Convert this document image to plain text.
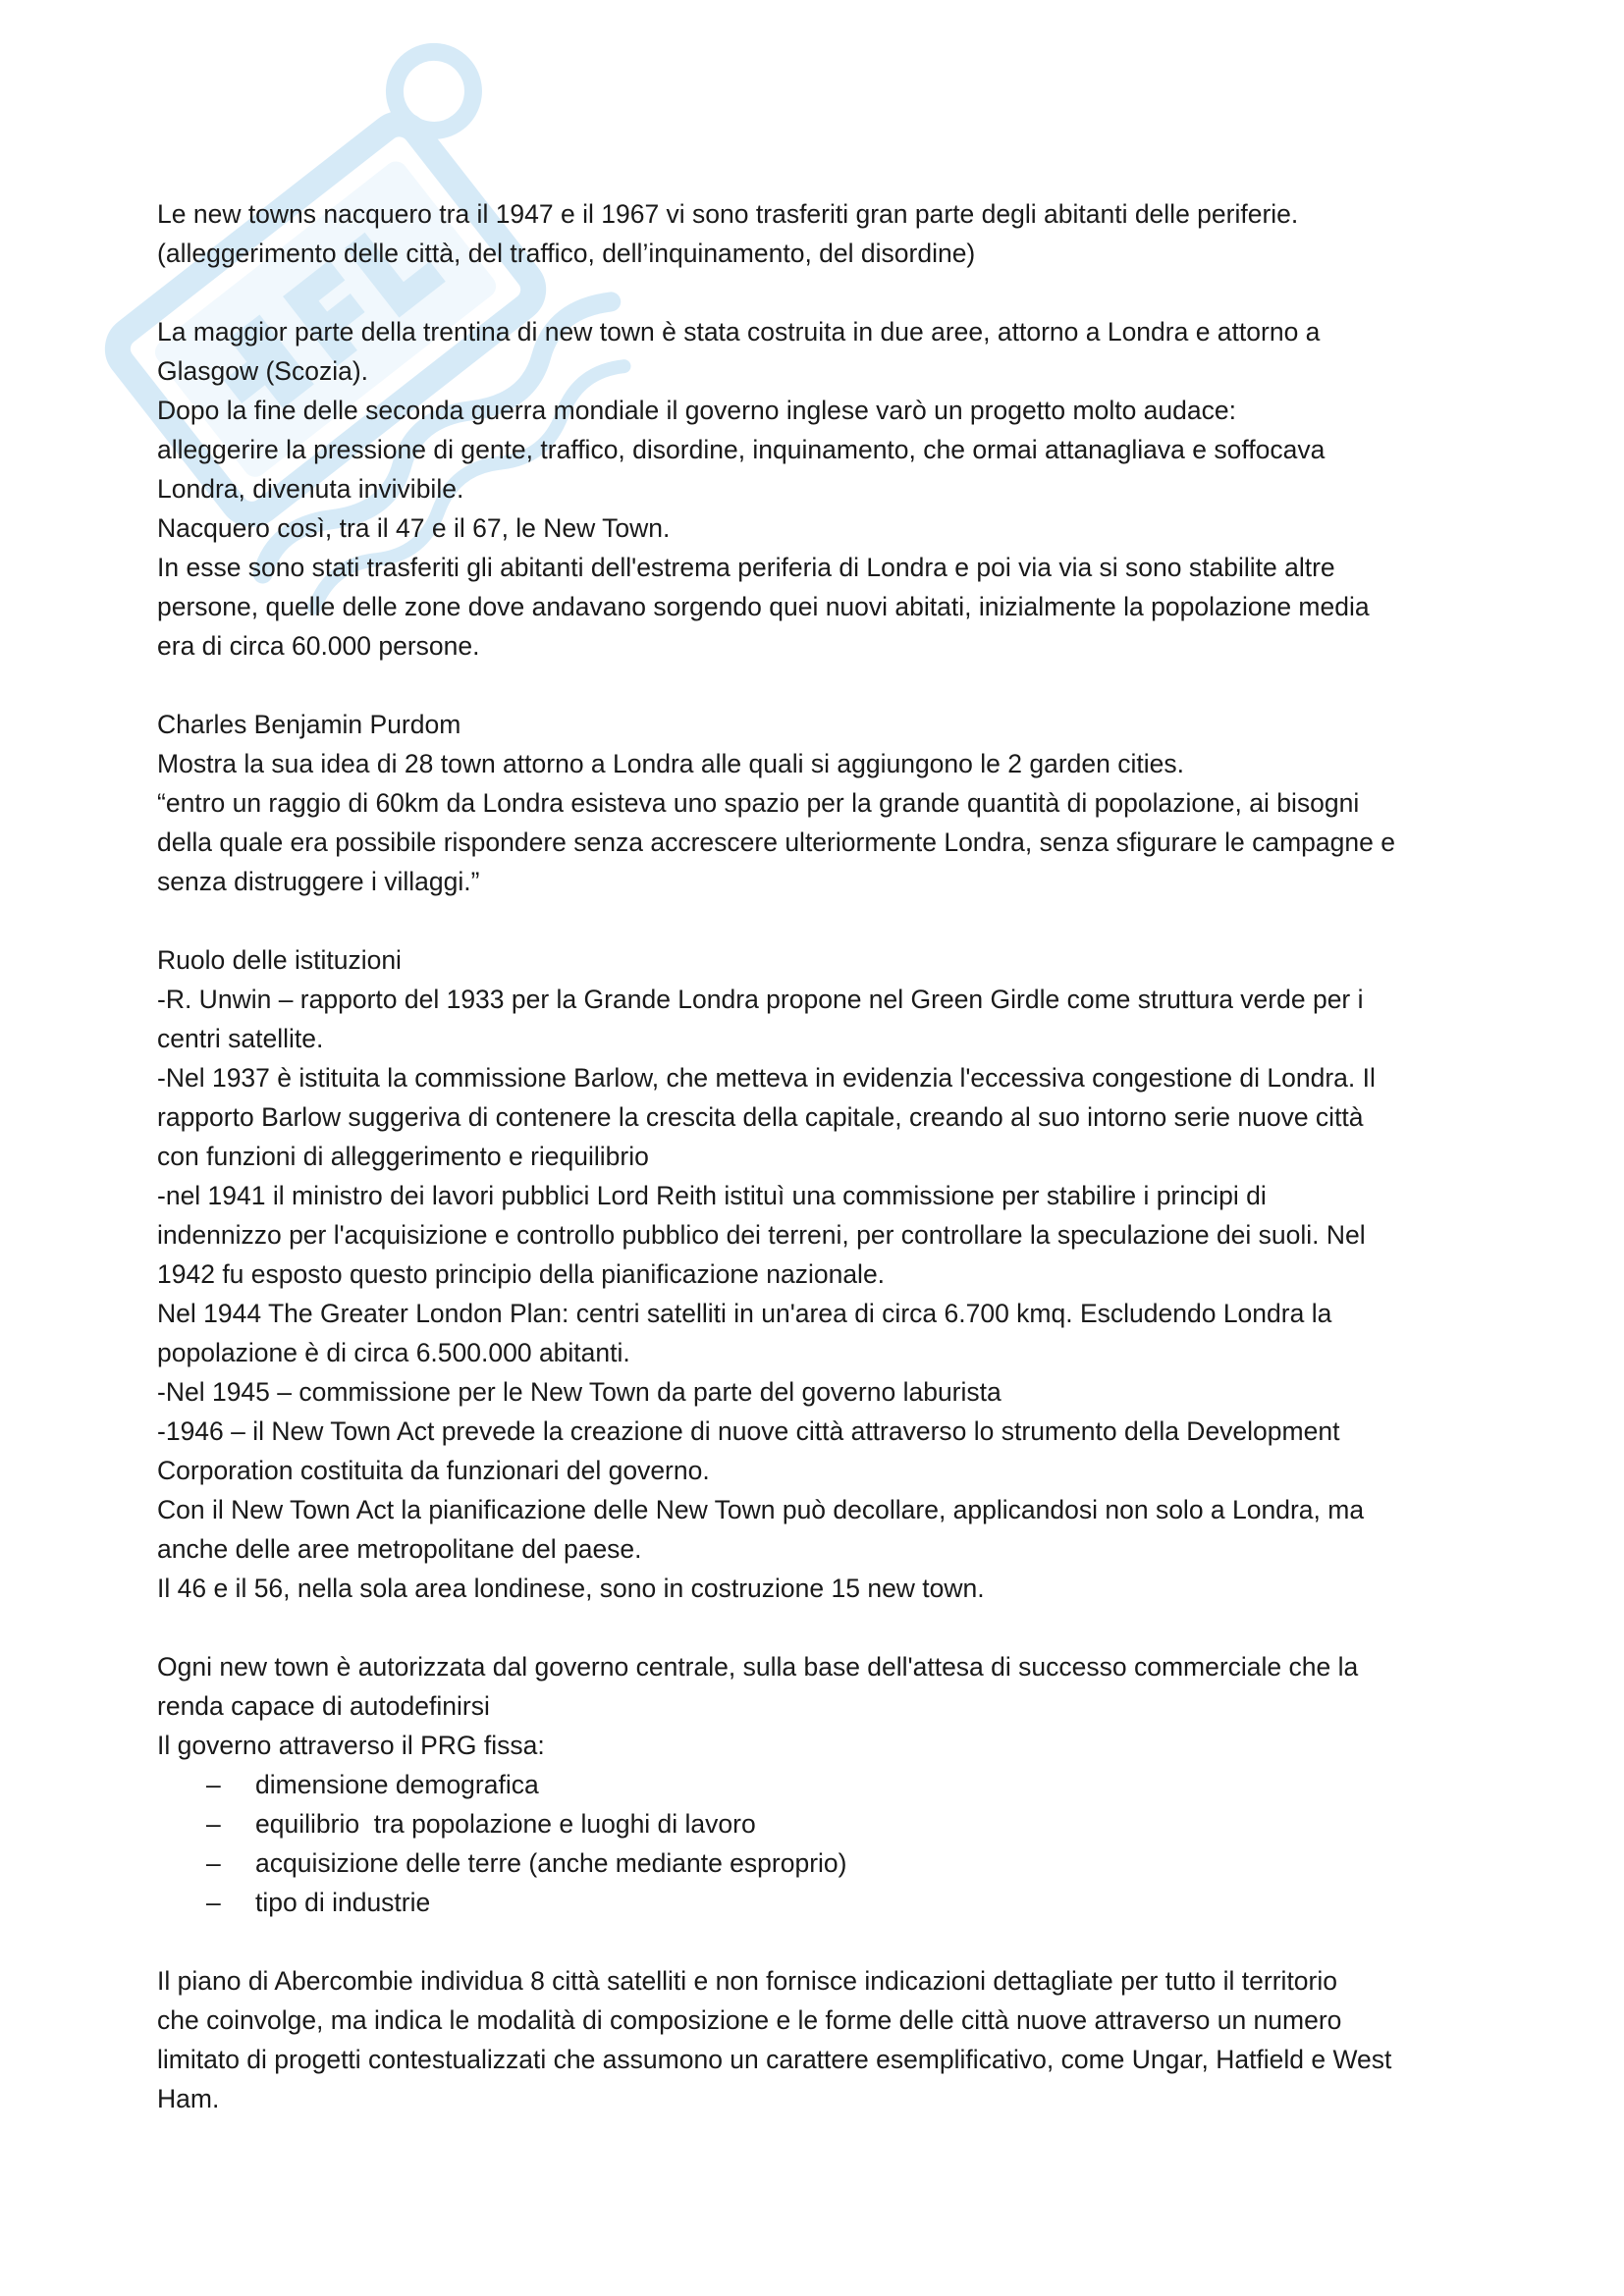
Le new towns nacquero tra il 1947 e il 1967 vi sono trasferiti gran parte degli abitanti delle periferie.
(alleggerimento delle città, del traffico, dell’inquinamento, del disordine)
La maggior parte della trentina di new town è stata costruita in due aree, attorno a Londra e attorno a
Glasgow (Scozia).
Dopo la fine delle seconda guerra mondiale il governo inglese varò un progetto molto audace:
alleggerire la pressione di gente, traffico, disordine, inquinamento, che ormai attanagliava e soffocava
Londra, divenuta invivibile.
Nacquero così, tra il 47 e il 67, le New Town.
In esse sono stati trasferiti gli abitanti dell'estrema periferia di Londra e poi via via si sono stabilite altre
persone, quelle delle zone dove andavano sorgendo quei nuovi abitati, inizialmente la popolazione media
era di circa 60.000 persone.
Charles Benjamin Purdom
Mostra la sua idea di 28 town attorno a Londra alle quali si aggiungono le 2 garden cities.
“entro un raggio di 60km da Londra esisteva uno spazio per la grande quantità di popolazione, ai bisogni
della quale era possibile rispondere senza accrescere ulteriormente Londra, senza sfigurare le campagne e
senza distruggere i villaggi.”
Ruolo delle istituzioni
-R. Unwin – rapporto del 1933 per la Grande Londra propone nel Green Girdle come struttura verde per i
centri satellite.
-Nel 1937 è istituita la commissione Barlow, che metteva in evidenzia l'eccessiva congestione di Londra. Il
rapporto Barlow suggeriva di contenere la crescita della capitale, creando al suo intorno serie nuove città
con funzioni di alleggerimento e riequilibrio
-nel 1941 il ministro dei lavori pubblici Lord Reith istituì una commissione per stabilire i principi di
indennizzo per l'acquisizione e controllo pubblico dei terreni, per controllare la speculazione dei suoli. Nel
1942 fu esposto questo principio della pianificazione nazionale.
Nel 1944 The Greater London Plan: centri satelliti in un'area di circa 6.700 kmq. Escludendo Londra la
popolazione è di circa 6.500.000 abitanti.
-Nel 1945 – commissione per le New Town da parte del governo laburista
-1946 – il New Town Act prevede la creazione di nuove città attraverso lo strumento della Development
Corporation costituita da funzionari del governo.
Con il New Town Act la pianificazione delle New Town può decollare, applicandosi non solo a Londra, ma
anche delle aree metropolitane del paese.
Il 46 e il 56, nella sola area londinese, sono in costruzione 15 new town.
Ogni new town è autorizzata dal governo centrale, sulla base dell'attesa di successo commerciale che la
renda capace di autodefinirsi
Il governo attraverso il PRG fissa:
– dimensione demografica
– equilibrio  tra popolazione e luoghi di lavoro
– acquisizione delle terre (anche mediante esproprio)
– tipo di industrie
Il piano di Abercombie individua 8 città satelliti e non fornisce indicazioni dettagliate per tutto il territorio
che coinvolge, ma indica le modalità di composizione e le forme delle città nuove attraverso un numero
limitato di progetti contestualizzati che assumono un carattere esemplificativo, come Ungar, Hatfield e West
Ham.
